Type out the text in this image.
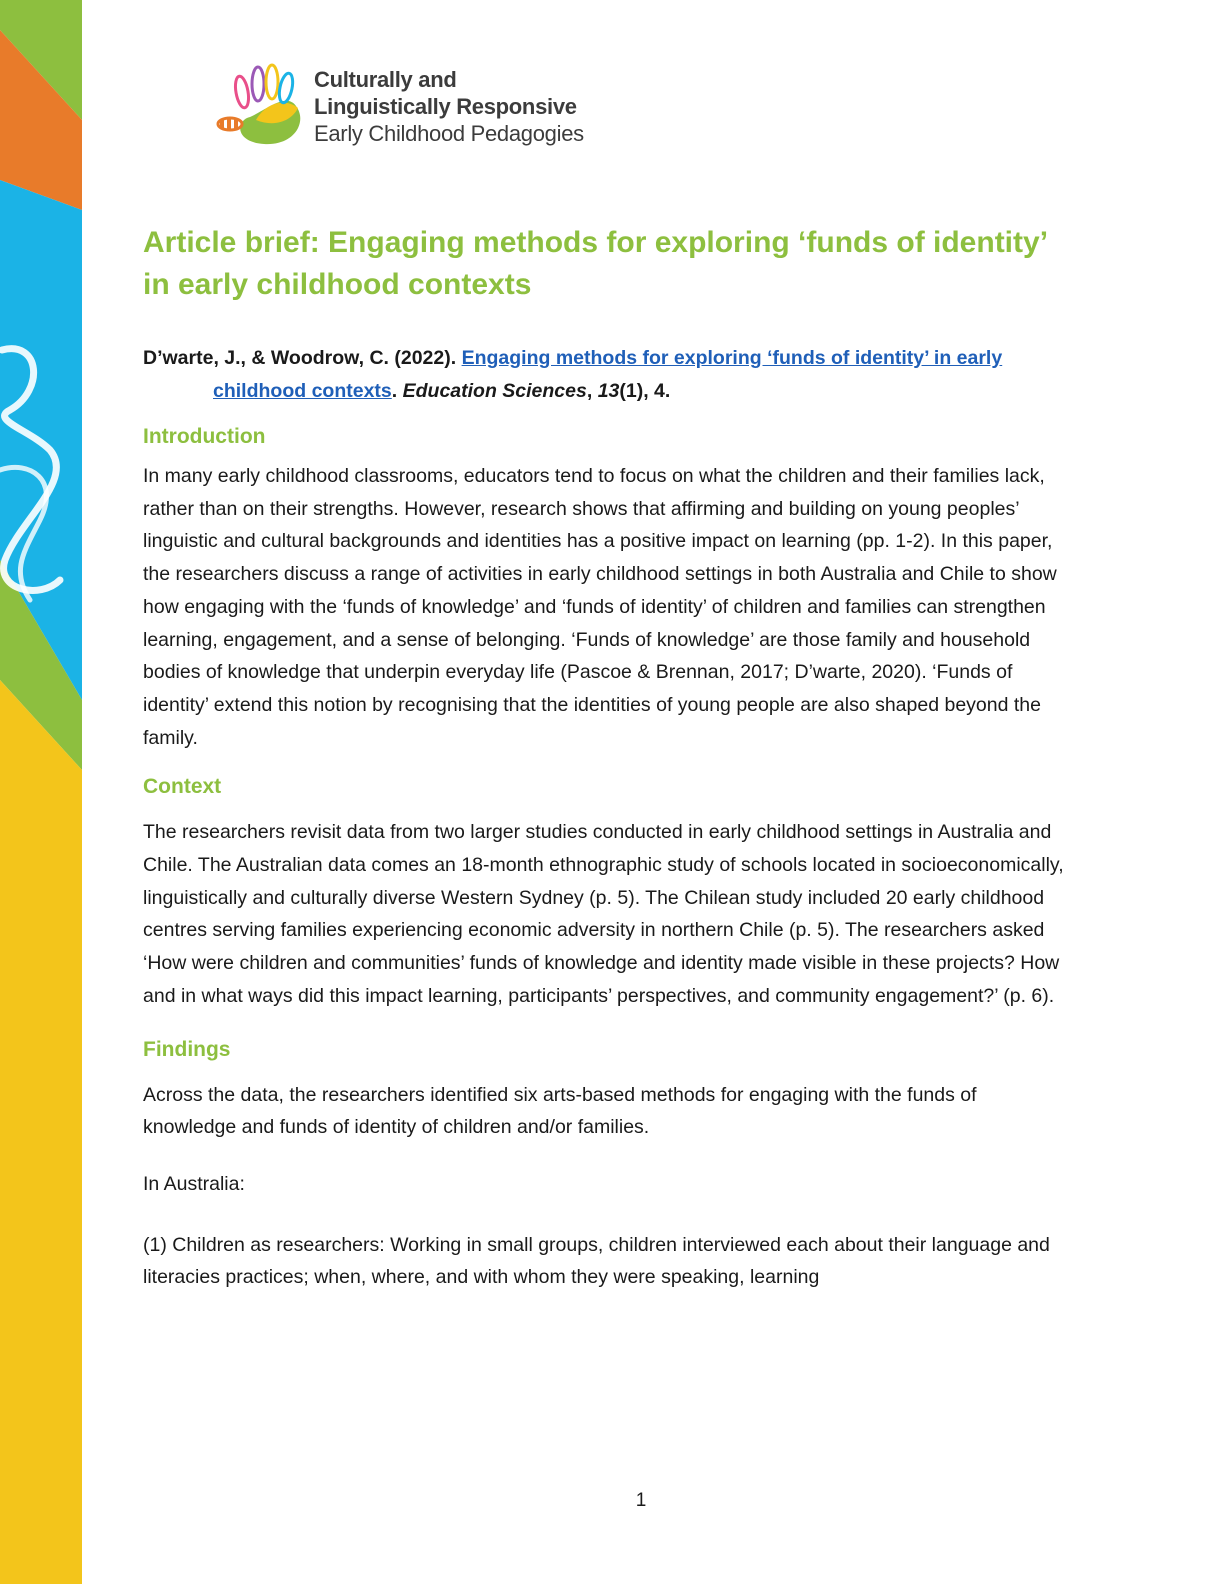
Culturally and
Linguistically Responsive
Early Childhood Pedagogies
Article brief: Engaging methods for exploring ‘funds of identity’ in early childhood contexts

D’warte, J., & Woodrow, C. (2022). Engaging methods for exploring ‘funds of identity’ in early childhood contexts. Education Sciences, 13(1), 4.

Introduction

In many early childhood classrooms, educators tend to focus on what the children and their families lack, rather than on their strengths. However, research shows that affirming and building on young peoples’ linguistic and cultural backgrounds and identities has a positive impact on learning (pp. 1-2). In this paper, the researchers discuss a range of activities in early childhood settings in both Australia and Chile to show how engaging with the ‘funds of knowledge’ and ‘funds of identity’ of children and families can strengthen learning, engagement, and a sense of belonging. ‘Funds of knowledge’ are those family and household bodies of knowledge that underpin everyday life (Pascoe & Brennan, 2017; D’warte, 2020). ‘Funds of identity’ extend this notion by recognising that the identities of young people are also shaped beyond the family.

Context

The researchers revisit data from two larger studies conducted in early childhood settings in Australia and Chile. The Australian data comes an 18-month ethnographic study of schools located in socioeconomically, linguistically and culturally diverse Western Sydney (p. 5). The Chilean study included 20 early childhood centres serving families experiencing economic adversity in northern Chile (p. 5). The researchers asked ‘How were children and communities’ funds of knowledge and identity made visible in these projects? How and in what ways did this impact learning, participants’ perspectives, and community engagement?’ (p. 6).

Findings

Across the data, the researchers identified six arts-based methods for engaging with the funds of knowledge and funds of identity of children and/or families.

In Australia:

(1) Children as researchers: Working in small groups, children interviewed each about their language and literacies practices; when, where, and with whom they were speaking, learning

1
